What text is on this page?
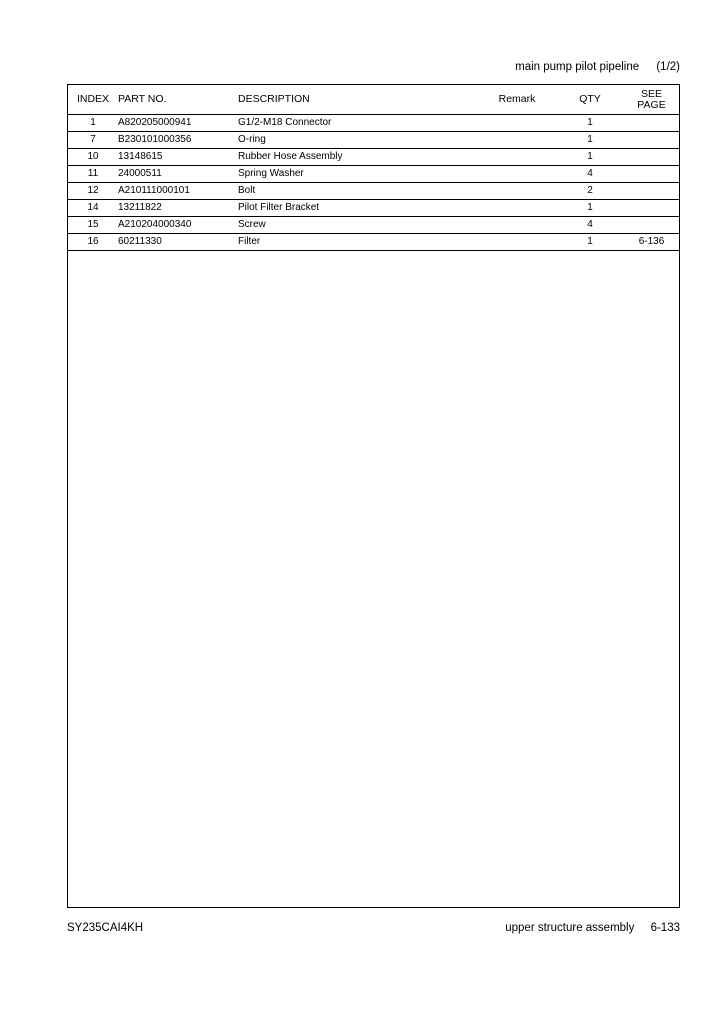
main pump pilot pipeline (1/2)
INDEX	PART NO.	DESCRIPTION	Remark	QTY	SEE
PAGE

1	A820205000941	G1/2-M18 Connector		1	
7	B230101000356	O-ring		1	
10	13148615	Rubber Hose Assembly		1	
11	24000511	Spring Washer		4	
12	A210111000101	Bolt		2	
14	13211822	Pilot Filter Bracket		1	
15	A210204000340	Screw		4	
16	60211330	Filter		1	6-136
SY235CAI4KH	upper structure assembly 6-133
